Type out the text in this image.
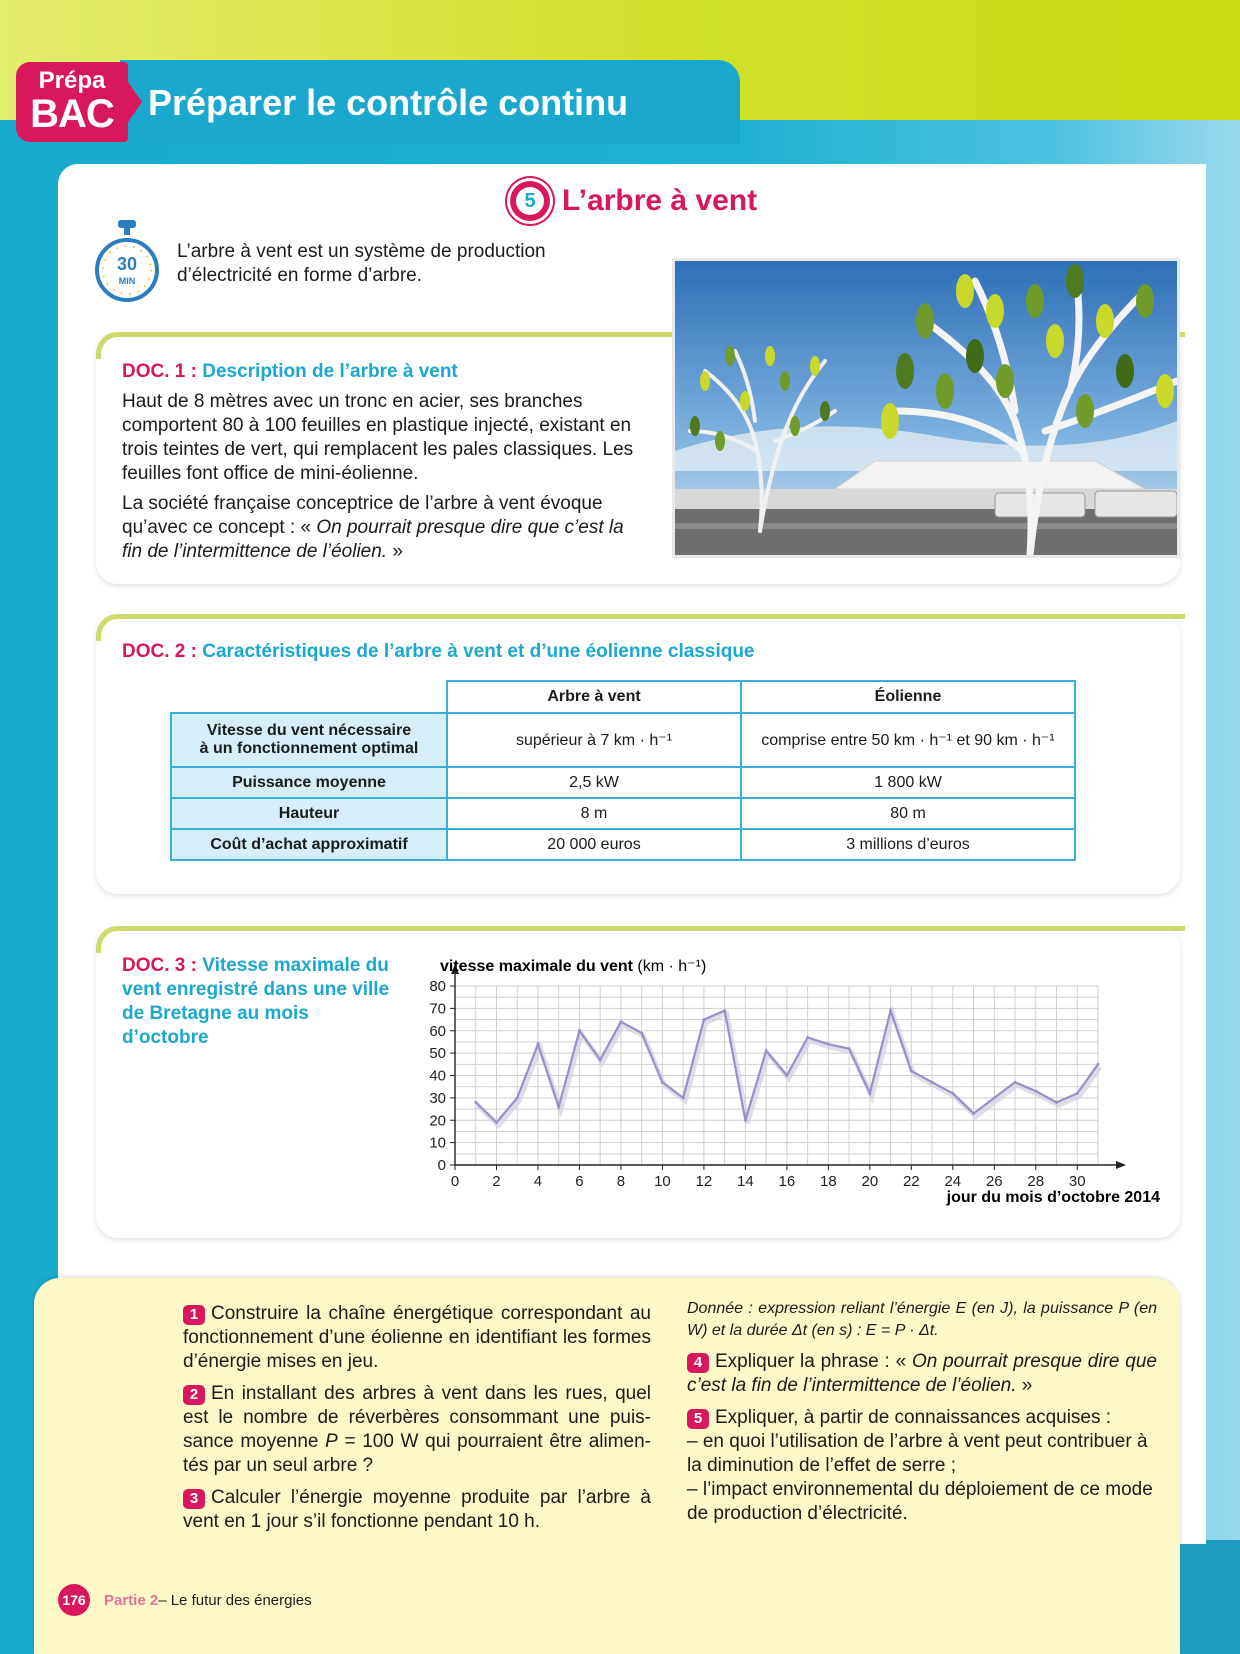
Prépa
BAC Préparer le contrôle continu
5 L’arbre à vent
30
MIN
L’arbre à vent est un système de production d’électricité en forme d’arbre.
DOC. 1 : Description de l’arbre à vent

Haut de 8 mètres avec un tronc en acier, ses branches comportent 80 à 100 feuilles en plastique injecté, existant en trois teintes de vert, qui remplacent les pales classiques. Les feuilles font office de mini-éolienne.

La société française conceptrice de l’arbre à vent évoque qu’avec ce concept : « On pourrait presque dire que c’est la fin de l’intermittence de l’éolien. »

DOC. 2 : Caractéristiques de l’arbre à vent et d’une éolienne classique
	Arbre à vent	Éolienne
Vitesse du vent nécessaire
à un fonctionnement optimal	supérieur à 7 km · h⁻¹	comprise entre 50 km · h⁻¹ et 90 km · h⁻¹
Puissance moyenne	2,5 kW	1 800 kW
Hauteur	8 m	80 m
Coût d’achat approximatif	20 000 euros	3 millions d’euros
DOC. 3 : Vitesse maximale du vent enregistré dans une ville de Bretagne au mois d’octobre
0
10
20
30
40
50
60
70
80
0 2 4 6 8 10 12 14 16 18 20 22 24 26 28 30
vitesse maximale du vent (km · h⁻¹)
jour du mois d’octobre 2014

1 Construire la chaîne énergétique correspondant au fonctionnement d’une éolienne en identifiant les formes d’énergie mises en jeu.

2 En installant des arbres à vent dans les rues, quel est le nombre de réverbères consommant une puis-sance moyenne P = 100 W qui pourraient être alimen-tés par un seul arbre ?

3 Calculer l’énergie moyenne produite par l’arbre à vent en 1 jour s’il fonctionne pendant 10 h.

Donnée : expression reliant l’énergie E (en J), la puissance P (en W) et la durée Δt (en s) : E = P · Δt.

4 Expliquer la phrase : « On pourrait presque dire que c’est la fin de l’intermittence de l’éolien. »

5 Expliquer, à partir de connaissances acquises :

– en quoi l’utilisation de l’arbre à vent peut contribuer à la diminution de l’effet de serre ;
– l’impact environnemental du déploiement de ce mode de production d’électricité.
176 Partie 2 – Le futur des énergies
